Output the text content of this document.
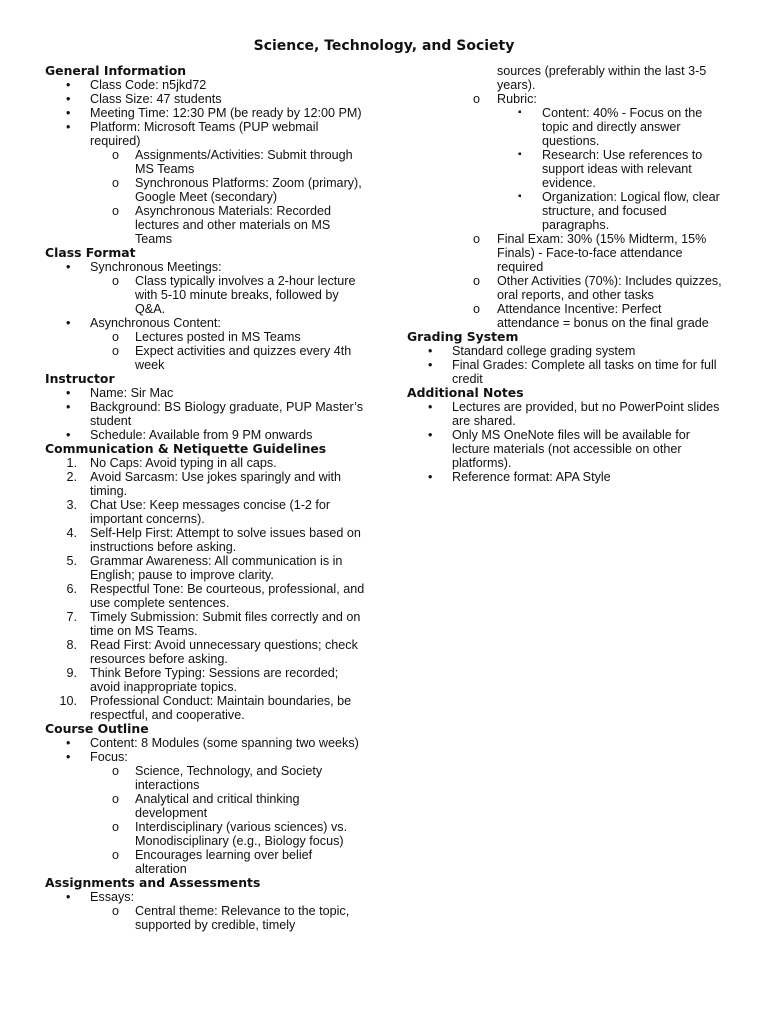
Science, Technology, and Society
General Information
• Class Code: n5jkd72
• Class Size: 47 students
• Meeting Time: 12:30 PM (be ready by 12:00 PM)
• Platform: Microsoft Teams (PUP webmail required)
o Assignments/Activities: Submit through MS Teams
o Synchronous Platforms: Zoom (primary), Google Meet (secondary)
o Asynchronous Materials: Recorded lectures and other materials on MS Teams
Class Format
• Synchronous Meetings:
o Class typically involves a 2-hour lecture with 5-10 minute breaks, followed by Q&A.
• Asynchronous Content:
o Lectures posted in MS Teams
o Expect activities and quizzes every 4th week
Instructor
• Name: Sir Mac
• Background: BS Biology graduate, PUP Master’s student
• Schedule: Available from 9 PM onwards
Communication & Netiquette Guidelines
1. No Caps: Avoid typing in all caps.
2. Avoid Sarcasm: Use jokes sparingly and with timing.
3. Chat Use: Keep messages concise (1-2 for important concerns).
4. Self-Help First: Attempt to solve issues based on instructions before asking.
5. Grammar Awareness: All communication is in English; pause to improve clarity.
6. Respectful Tone: Be courteous, professional, and use complete sentences.
7. Timely Submission: Submit files correctly and on time on MS Teams.
8. Read First: Avoid unnecessary questions; check resources before asking.
9. Think Before Typing: Sessions are recorded; avoid inappropriate topics.
10. Professional Conduct: Maintain boundaries, be respectful, and cooperative.
Course Outline
• Content: 8 Modules (some spanning two weeks)
• Focus:
o Science, Technology, and Society interactions
o Analytical and critical thinking development
o Interdisciplinary (various sciences) vs. Monodisciplinary (e.g., Biology focus)
o Encourages learning over belief alteration
Assignments and Assessments
• Essays:
o Central theme: Relevance to the topic, supported by credible, timely
sources (preferably within the last 3-5 years).
o Rubric:
▪ Content: 40% - Focus on the topic and directly answer questions.
▪ Research: Use references to support ideas with relevant evidence.
▪ Organization: Logical flow, clear structure, and focused paragraphs.
o Final Exam: 30% (15% Midterm, 15% Finals) - Face-to-face attendance required
o Other Activities (70%): Includes quizzes, oral reports, and other tasks
o Attendance Incentive: Perfect attendance = bonus on the final grade
Grading System
• Standard college grading system
• Final Grades: Complete all tasks on time for full credit
Additional Notes
• Lectures are provided, but no PowerPoint slides are shared.
• Only MS OneNote files will be available for lecture materials (not accessible on other platforms).
• Reference format: APA Style
